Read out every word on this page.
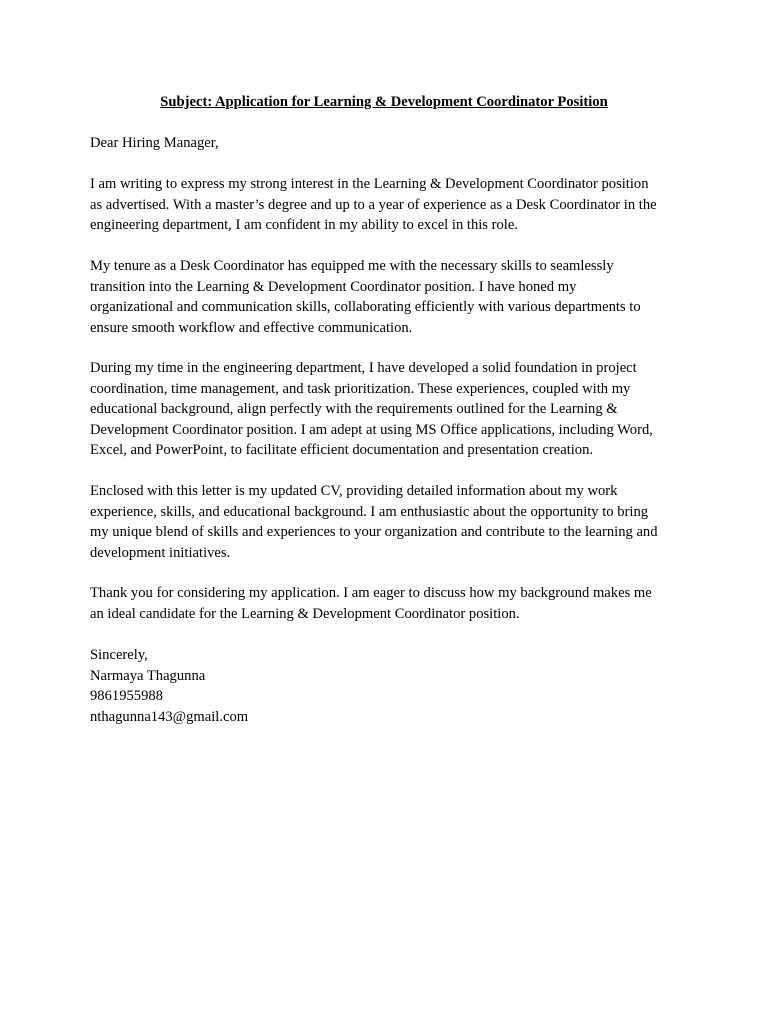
Subject: Application for Learning & Development Coordinator Position
Dear Hiring Manager,
I am writing to express my strong interest in the Learning & Development Coordinator position
as advertised. With a master’s degree and up to a year of experience as a Desk Coordinator in the
engineering department, I am confident in my ability to excel in this role.
My tenure as a Desk Coordinator has equipped me with the necessary skills to seamlessly
transition into the Learning & Development Coordinator position. I have honed my
organizational and communication skills, collaborating efficiently with various departments to
ensure smooth workflow and effective communication.
During my time in the engineering department, I have developed a solid foundation in project
coordination, time management, and task prioritization. These experiences, coupled with my
educational background, align perfectly with the requirements outlined for the Learning &
Development Coordinator position. I am adept at using MS Office applications, including Word,
Excel, and PowerPoint, to facilitate efficient documentation and presentation creation.
Enclosed with this letter is my updated CV, providing detailed information about my work
experience, skills, and educational background. I am enthusiastic about the opportunity to bring
my unique blend of skills and experiences to your organization and contribute to the learning and
development initiatives.
Thank you for considering my application. I am eager to discuss how my background makes me
an ideal candidate for the Learning & Development Coordinator position.
Sincerely,
Narmaya Thagunna
9861955988
nthagunna143@gmail.com
